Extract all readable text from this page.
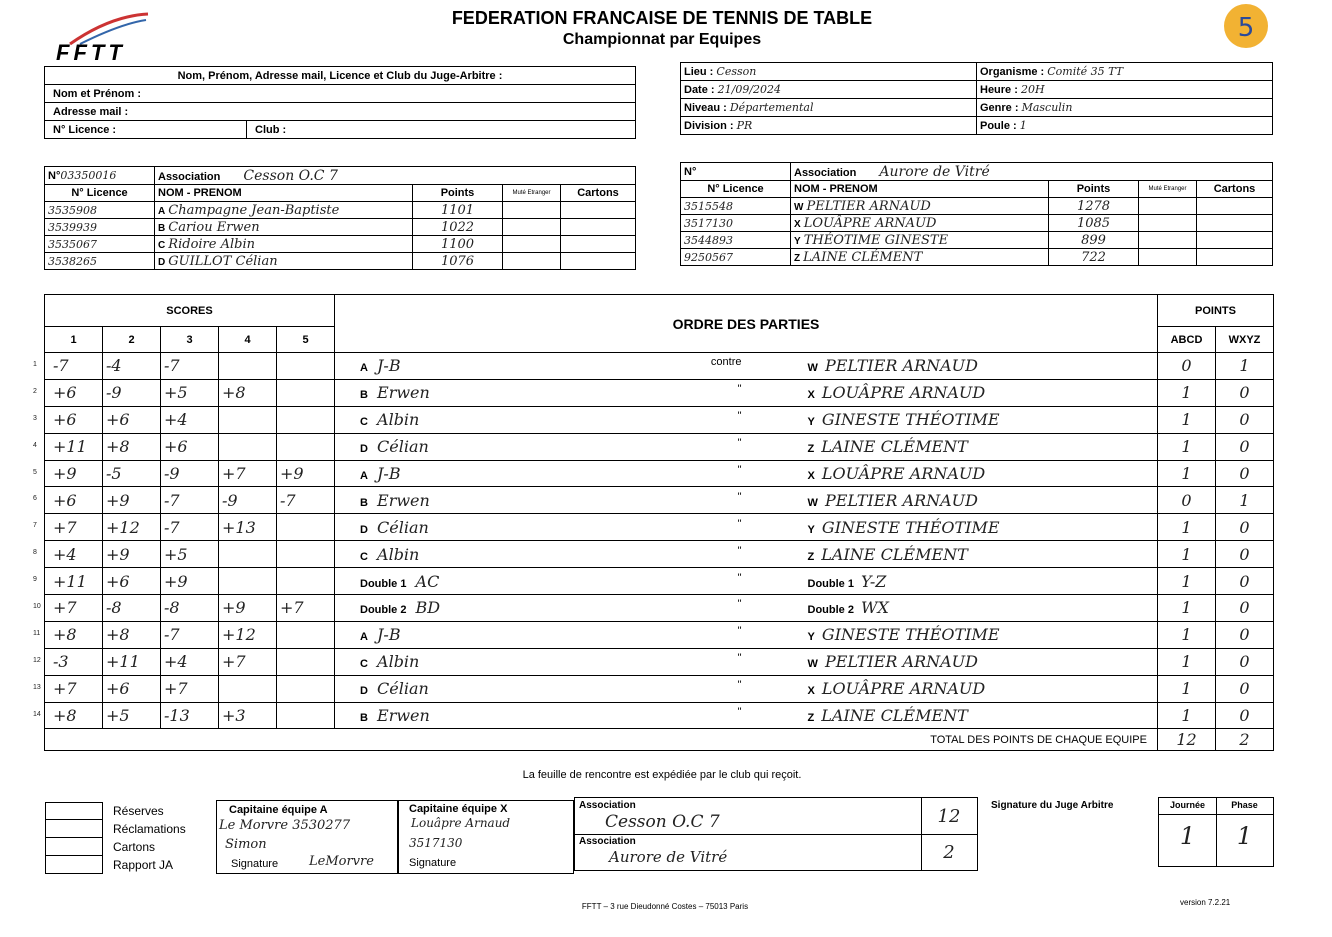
FFTT
FEDERATION FRANCAISE DE TENNIS DE TABLE
Championnat par Equipes	5
Nom, Prénom, Adresse mail, Licence et Club du Juge-Arbitre :
Nom et Prénom :
Adresse mail :
N° Licence :	Club :
Lieu : Cesson	Organisme : Comité 35 TT
Date : 21/09/2024	Heure : 20H
Niveau : Départemental	Genre : Masculin
Division : PR	Poule : 1
N°03350016	Association Cesson O.C 7			
N° Licence	NOM - PRENOM	Points	Muté Etranger	Cartons
3535908	A Champagne Jean-Baptiste	1101		
3539939	B Cariou Erwen	1022		
3535067	C Ridoire Albin	1100		
3538265	D GUILLOT Célian	1076		
N°	Association Aurore de Vitré			
N° Licence	NOM - PRENOM	Points	Muté Etranger	Cartons
3515548	W PELTIER ARNAUD	1278		
3517130	X LOUÂPRE ARNAUD	1085		
3544893	Y THÉOTIME GINESTE	899		
9250567	Z LAINE CLÉMENT	722		
SCORES					ORDRE DES PARTIES		POINTS	
1	2	3	4	5			ABCD	WXYZ

1 -7	-4	-7			A J-B contre	W PELTIER ARNAUD	0	1

2 +6	-9	+5	+8		B Erwen "	X LOUÂPRE ARNAUD	1	0

3 +6	+6	+4			C Albin "	Y GINESTE THÉOTIME	1	0

4 +11	+8	+6			D Célian "	Z LAINE CLÉMENT	1	0

5 +9	-5	-9	+7	+9	A J-B "	X LOUÂPRE ARNAUD	1	0

6 +6	+9	-7	-9	-7	B Erwen "	W PELTIER ARNAUD	0	1

7 +7	+12	-7	+13		D Célian "	Y GINESTE THÉOTIME	1	0

8 +4	+9	+5			C Albin "	Z LAINE CLÉMENT	1	0

9 +11	+6	+9			Double 1 AC "	Double 1 Y-Z	1	0

10 +7	-8	-8	+9	+7	Double 2 BD "	Double 2 WX	1	0

11 +8	+8	-7	+12		A J-B "	Y GINESTE THÉOTIME	1	0

12 -3	+11	+4	+7		C Albin "	W PELTIER ARNAUD	1	0

13 +7	+6	+7			D Célian "	X LOUÂPRE ARNAUD	1	0

14 +8	+5	-13	+3		B Erwen "	Z LAINE CLÉMENT	1	0
TOTAL DES POINTS DE CHAQUE EQUIPE							12	2
La feuille de rencontre est expédiée par le club qui reçoit.
Réserves
Réclamations
Cartons
Rapport JA
Capitaine équipe A
Le Morvre 3530277
Simon
Signature LeMorvre
Capitaine équipe X
Louâpre Arnaud
3517130
Signature
Association
Cesson O.C 7
Association
Aurore de Vitré
12
2
Signature du Juge Arbitre	Journée	Phase
1	1
FFTT – 3 rue Dieudonné Costes – 75013 Paris	version 7.2.21
